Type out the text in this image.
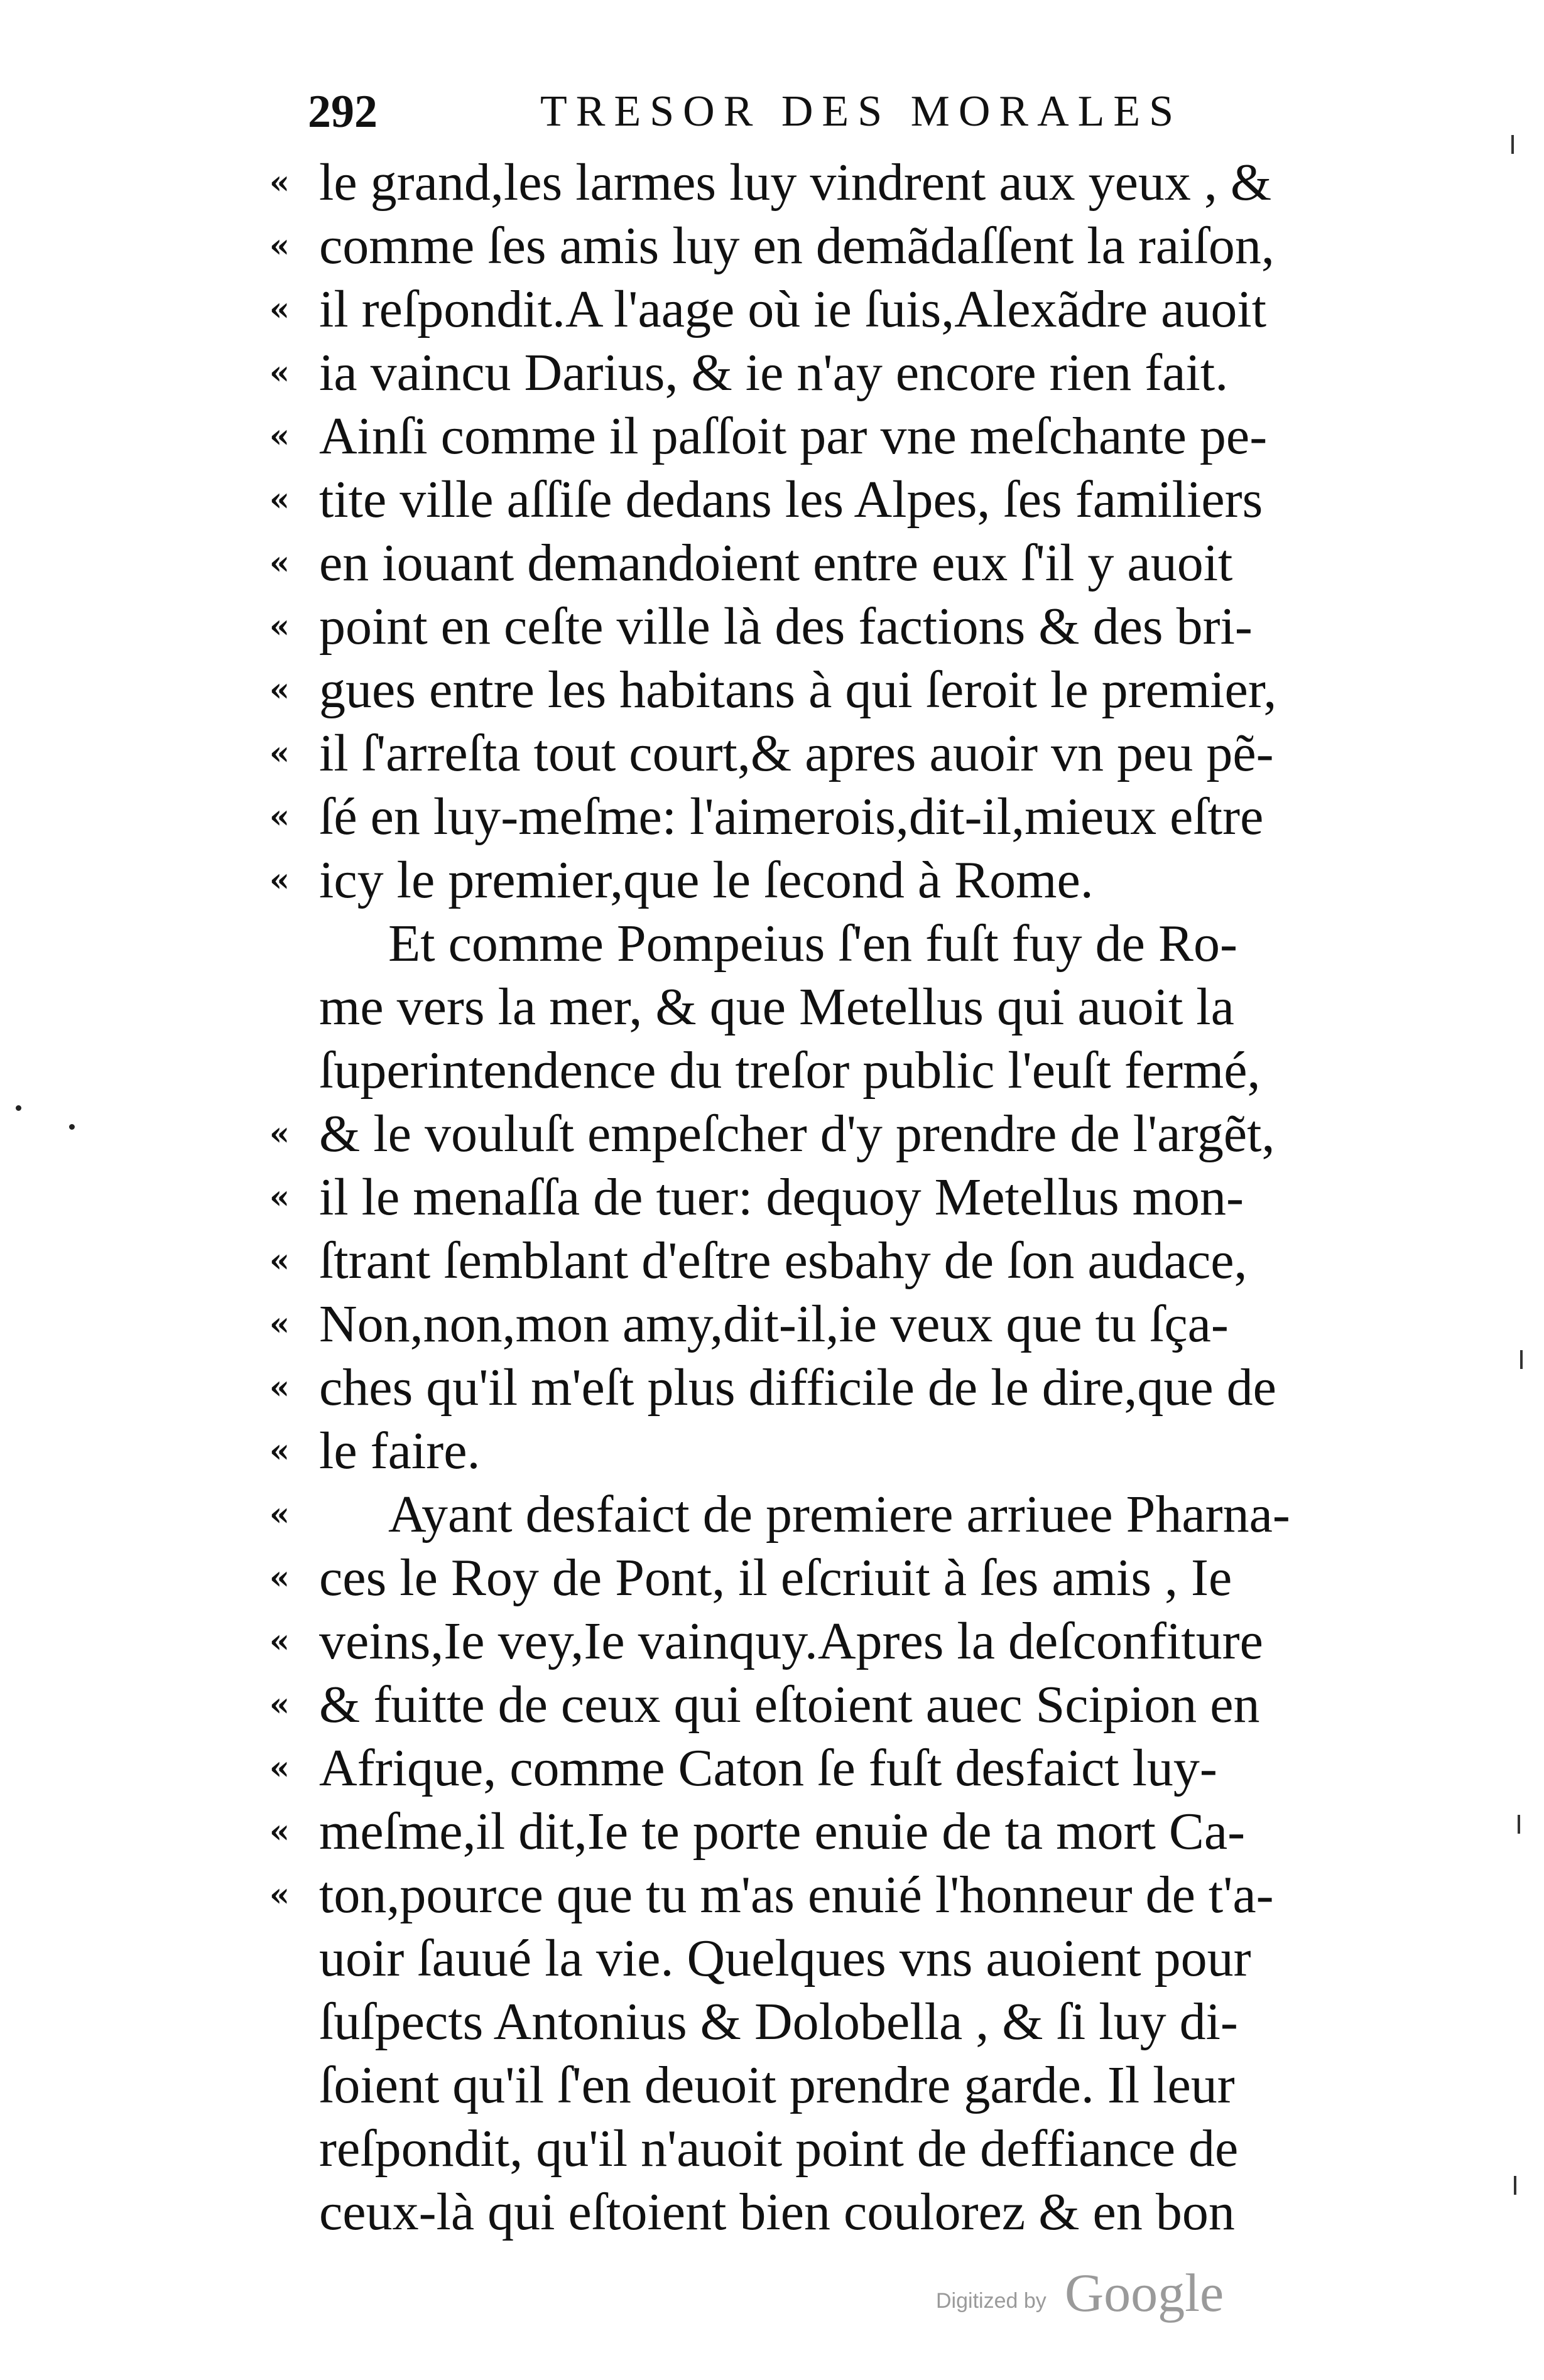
292	TRESOR DES MORALES
« le grand,les larmes luy vindrent aux yeux , &
« comme ſes amis luy en demãdaſſent la raiſon,
« il reſpondit.A l'aage où ie ſuis,Alexãdre auoit
« ia vaincu Darius, & ie n'ay encore rien fait.
« Ainſi comme il paſſoit par vne meſchante pe-
« tite ville aſſiſe dedans les Alpes, ſes familiers
« en iouant demandoient entre eux ſ'il y auoit
« point en ceſte ville là des factions & des bri-
« gues entre les habitans à qui ſeroit le premier,
« il ſ'arreſta tout court,& apres auoir vn peu pẽ-
« ſé en luy-meſme: l'aimerois,dit-il,mieux eſtre
« icy le premier,que le ſecond à Rome.
Et comme Pompeius ſ'en fuſt fuy de Ro-
me vers la mer, & que Metellus qui auoit la
ſuperintendence du treſor public l'euſt fermé,
« & le vouluſt empeſcher d'y prendre de l'argẽt,
« il le menaſſa de tuer: dequoy Metellus mon-
« ſtrant ſemblant d'eſtre esbahy de ſon audace,
« Non,non,mon amy,dit-il,ie veux que tu ſça-
« ches qu'il m'eſt plus difficile de le dire,que de
« le faire.
«	Ayant desfaict de premiere arriuee Pharna-
« ces le Roy de Pont, il eſcriuit à ſes amis , Ie
« veins,Ie vey,Ie vainquy.Apres la deſconfiture
« & fuitte de ceux qui eſtoient auec Scipion en
« Afrique, comme Caton ſe fuſt desfaict luy-
« meſme,il dit,Ie te porte enuie de ta mort Ca-
« ton,pource que tu m'as enuié l'honneur de t'a-
uoir ſauué la vie. Quelques vns auoient pour
ſuſpects Antonius & Dolobella , & ſi luy di-
ſoient qu'il ſ'en deuoit prendre garde. Il leur
reſpondit, qu'il n'auoit point de deffiance de
ceux-là qui eſtoient bien coulorez & en bon
Digitized by Google
